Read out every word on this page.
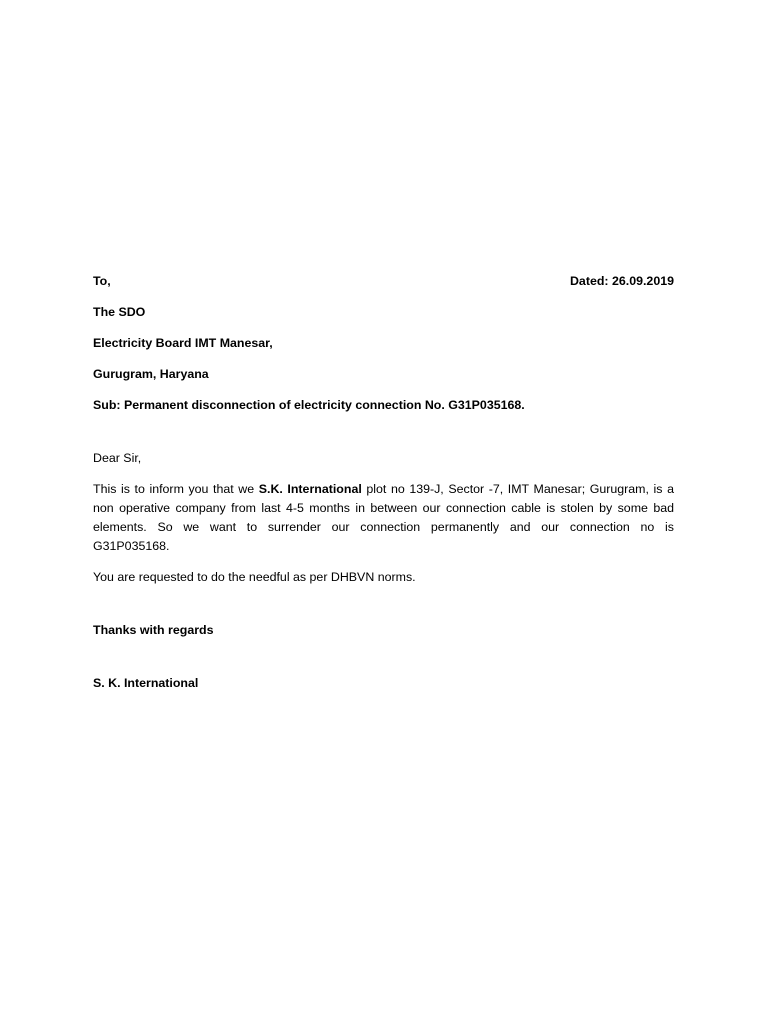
To,	Dated: 26.09.2019
The SDO
Electricity Board IMT Manesar,
Gurugram, Haryana
Sub: Permanent disconnection of electricity connection No. G31P035168.
Dear Sir,
This is to inform you that we S.K. International plot no 139-J, Sector -7, IMT Manesar; Gurugram, is a
non operative company from last 4-5 months in between our connection cable is stolen by some bad
elements. So we want to surrender our connection permanently and our connection no is
G31P035168.
You are requested to do the needful as per DHBVN norms.
Thanks with regards
S. K. International
